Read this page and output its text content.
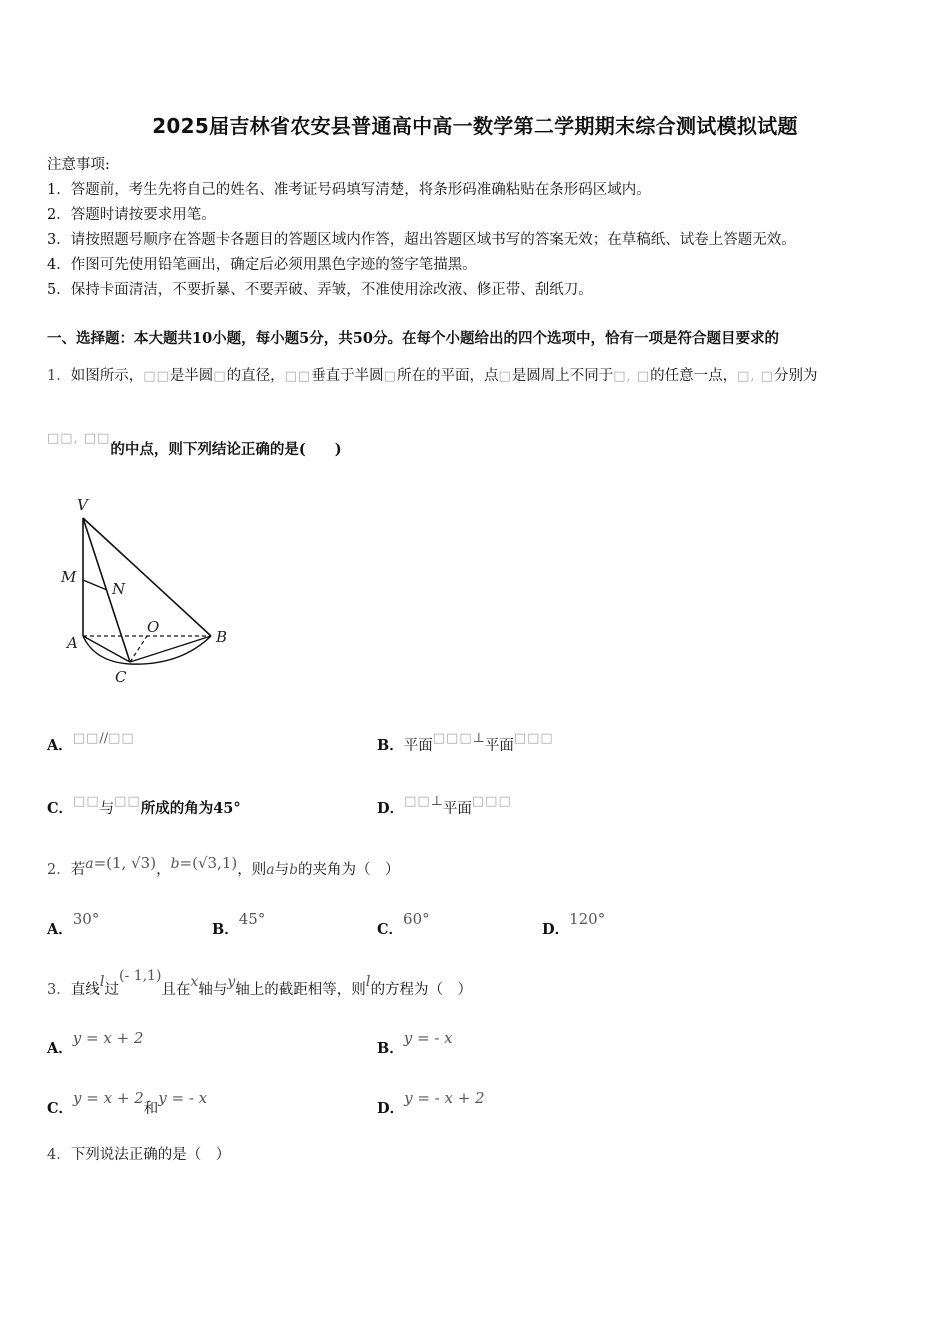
2025届吉林省农安县普通高中高一数学第二学期期末综合测试模拟试题
注意事项:
1．答题前，考生先将自己的姓名、准考证号码填写清楚，将条形码准确粘贴在条形码区域内。
2．答题时请按要求用笔。
3．请按照题号顺序在答题卡各题目的答题区域内作答，超出答题区域书写的答案无效；在草稿纸、试卷上答题无效。
4．作图可先使用铅笔画出，确定后必须用黑色字迹的签字笔描黑。
5．保持卡面清洁，不要折暴、不要弄破、弄皱，不准使用涂改液、修正带、刮纸刀。
一、选择题：本大题共10小题，每小题5分，共50分。在每个小题给出的四个选项中，恰有一项是符合题目要求的
1．如图所示，□□是半圆□的直径，□□垂直于半圆□所在的平面，点□是圆周上不同于□, □的任意一点，□, □分别为
□□, □□的中点，则下列结论正确的是(　　)
V
M
N
O
A	B
C
A．□□//□□	B．平面□□□⊥平面□□□
C．□□与□□所成的角为45°	D．□□⊥平面□□□
2．若a=(1, √3)，b=(√3,1)，则a与b的夹角为（　）
A．30°
B．45°
C．60°
D．120°
3．直线l过(- 1,1)且在x轴与y轴上的截距相等，则l的方程为（　）
A．y = x + 2
B．y = - x
C．y = x + 2和y = - x
D．y = - x + 2
4．下列说法正确的是（　）
